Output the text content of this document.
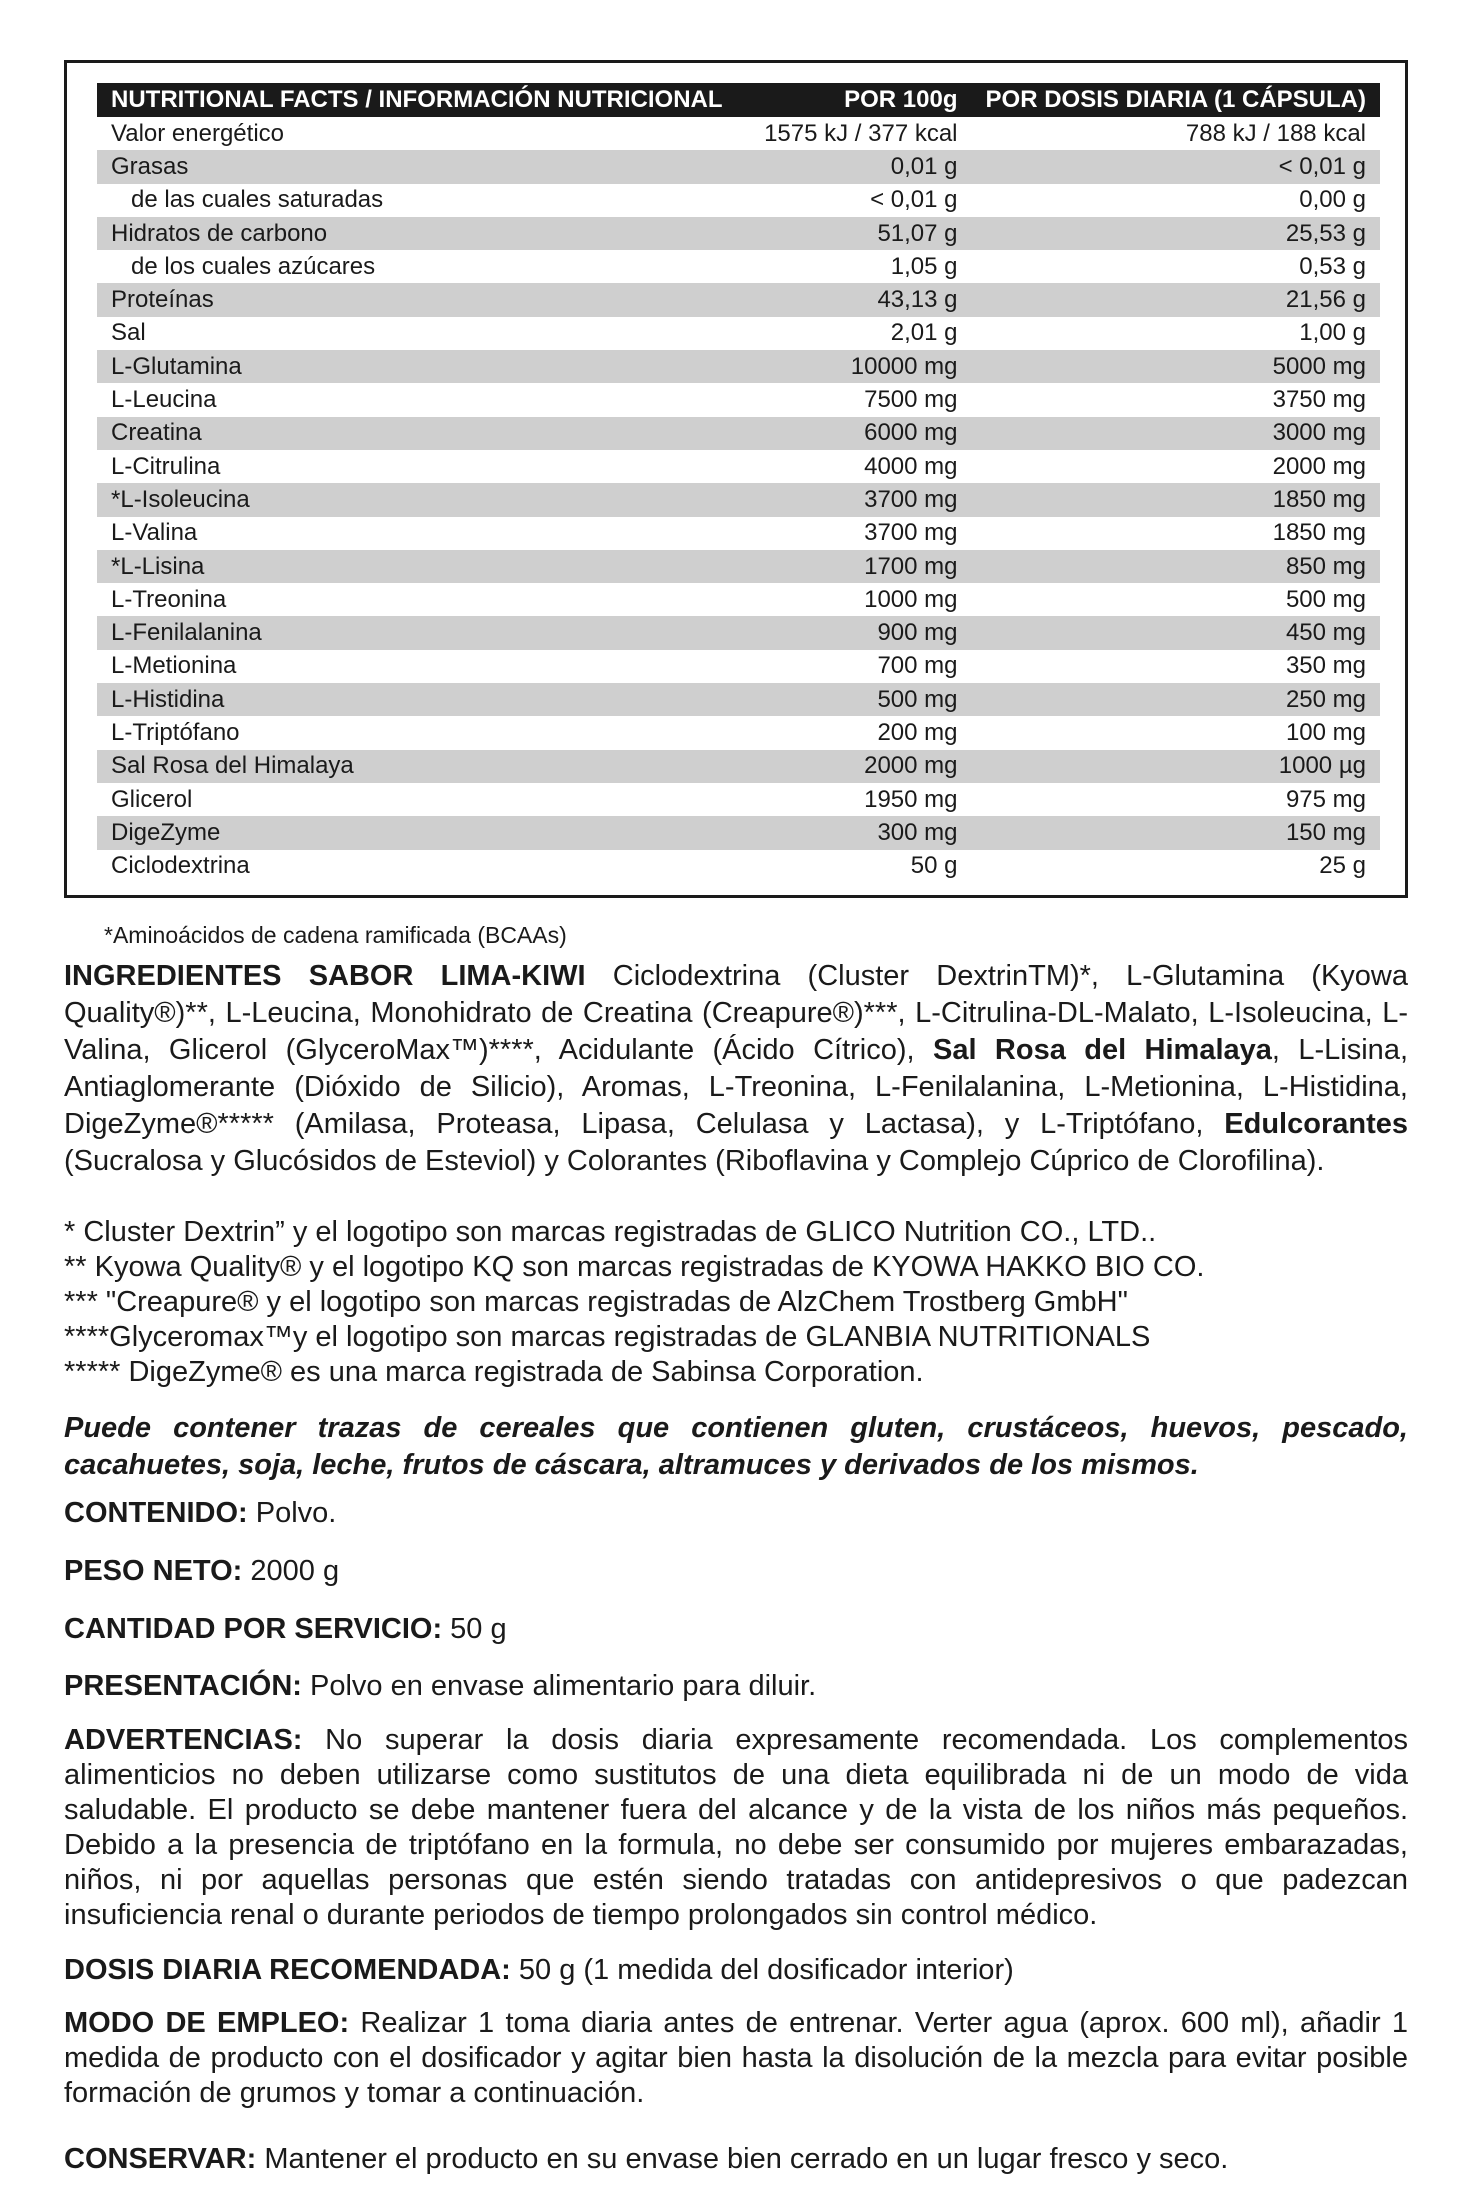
NUTRITIONAL FACTS / INFORMACIÓN NUTRICIONAL	POR 100g	POR DOSIS DIARIA (1 CÁPSULA)
Valor energético	1575 kJ / 377 kcal	788 kJ / 188 kcal
Grasas	0,01 g	< 0,01 g
de las cuales saturadas	< 0,01 g	0,00 g
Hidratos de carbono	51,07 g	25,53 g
de los cuales azúcares	1,05 g	0,53 g
Proteínas	43,13 g	21,56 g
Sal	2,01 g	1,00 g
L-Glutamina	10000 mg	5000 mg
L-Leucina	7500 mg	3750 mg
Creatina	6000 mg	3000 mg
L-Citrulina	4000 mg	2000 mg
*L-Isoleucina	3700 mg	1850 mg
L-Valina	3700 mg	1850 mg
*L-Lisina	1700 mg	850 mg
L-Treonina	1000 mg	500 mg
L-Fenilalanina	900 mg	450 mg
L-Metionina	700 mg	350 mg
L-Histidina	500 mg	250 mg
L-Triptófano	200 mg	100 mg
Sal Rosa del Himalaya	2000 mg	1000 µg
Glicerol	1950 mg	975 mg
DigeZyme	300 mg	150 mg
Ciclodextrina	50 g	25 g
*Aminoácidos de cadena ramificada (BCAAs)

INGREDIENTES SABOR LIMA-KIWI Ciclodextrina (Cluster DextrinTM)*, L-Glutamina (Kyowa Quality®)**, L-Leucina, Monohidrato de Creatina (Creapure®)***, L-Citrulina-DL-Malato, L-Isoleucina, L-Valina, Glicerol (GlyceroMax™)****, Acidulante (Ácido Cítrico), Sal Rosa del Himalaya, L-Lisina, Antiaglomerante (Dióxido de Silicio), Aromas, L-Treonina, L-Fenilalanina, L-Metionina, L-Histidina, DigeZyme®***** (Amilasa, Proteasa, Lipasa, Celulasa y Lactasa), y L-Triptófano, Edulcorantes (Sucralosa y Glucósidos de Esteviol) y Colorantes (Riboflavina y Complejo Cúprico de Clorofilina).

* Cluster Dextrin” y el logotipo son marcas registradas de GLICO Nutrition CO., LTD..

** Kyowa Quality® y el logotipo KQ son marcas registradas de KYOWA HAKKO BIO CO.

*** "Creapure® y el logotipo son marcas registradas de AlzChem Trostberg GmbH"

****Glyceromax™y el logotipo son marcas registradas de GLANBIA NUTRITIONALS

***** DigeZyme® es una marca registrada de Sabinsa Corporation.

Puede contener trazas de cereales que contienen gluten, crustáceos, huevos, pescado, cacahuetes, soja, leche, frutos de cáscara, altramuces y derivados de los mismos.

CONTENIDO: Polvo.

PESO NETO: 2000 g

CANTIDAD POR SERVICIO: 50 g

PRESENTACIÓN: Polvo en envase alimentario para diluir.

ADVERTENCIAS: No superar la dosis diaria expresamente recomendada. Los complementos alimenticios no deben utilizarse como sustitutos de una dieta equilibrada ni de un modo de vida saludable. El producto se debe mantener fuera del alcance y de la vista de los niños más pequeños. Debido a la presencia de triptófano en la formula, no debe ser consumido por mujeres embarazadas, niños, ni por aquellas personas que estén siendo tratadas con antidepresivos o que padezcan insuficiencia renal o durante periodos de tiempo prolongados sin control médico.

DOSIS DIARIA RECOMENDADA: 50 g (1 medida del dosificador interior)

MODO DE EMPLEO: Realizar 1 toma diaria antes de entrenar. Verter agua (aprox. 600 ml), añadir 1 medida de producto con el dosificador y agitar bien hasta la disolución de la mezcla para evitar posible formación de grumos y tomar a continuación.

CONSERVAR: Mantener el producto en su envase bien cerrado en un lugar fresco y seco.
